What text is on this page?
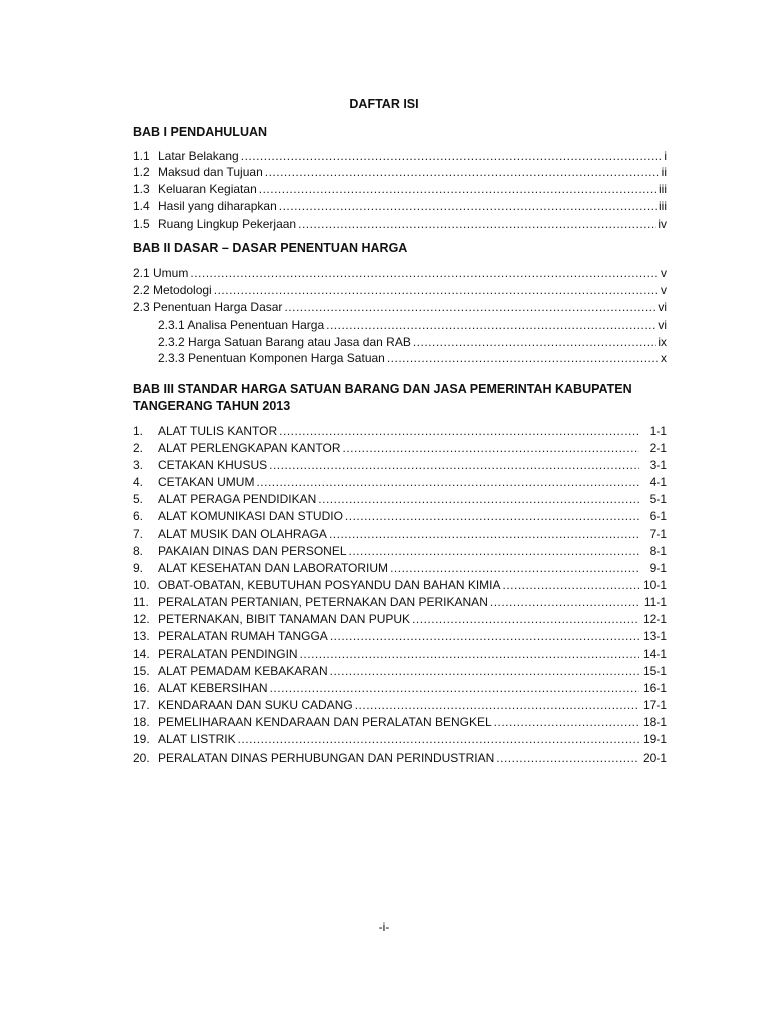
DAFTAR ISI
BAB I PENDAHULUAN
1.1 Latar Belakang .....	i
1.2 Maksud dan Tujuan .....	ii
1.3 Keluaran Kegiatan .....	iii
1.4 Hasil yang diharapkan .....	iii
1.5 Ruang Lingkup Pekerjaan .....	iv
BAB II DASAR – DASAR PENENTUAN HARGA
2.1 Umum .....	v
2.2 Metodologi .....	v
2.3 Penentuan Harga Dasar .....	vi
2.3.1 Analisa Penentuan Harga .....	vi
2.3.2 Harga Satuan Barang atau Jasa dan RAB .....	ix
2.3.3 Penentuan Komponen Harga Satuan .....	x
BAB III STANDAR HARGA SATUAN BARANG DAN JASA PEMERINTAH KABUPATEN
TANGERANG TAHUN 2013
1.	ALAT TULIS KANTOR .....	1-1
2.	ALAT PERLENGKAPAN KANTOR .....	2-1
3.	CETAKAN KHUSUS .....	3-1
4.	CETAKAN UMUM .....	4-1
5.	ALAT PERAGA PENDIDIKAN .....	5-1
6.	ALAT KOMUNIKASI DAN STUDIO .....	6-1
7.	ALAT MUSIK DAN OLAHRAGA .....	7-1
8.	PAKAIAN DINAS DAN PERSONEL .....	8-1
9.	ALAT KESEHATAN DAN LABORATORIUM .....	9-1
10. OBAT-OBATAN, KEBUTUHAN POSYANDU DAN BAHAN KIMIA .....	10-1
11. PERALATAN PERTANIAN, PETERNAKAN DAN PERIKANAN .....	11-1
12. PETERNAKAN, BIBIT TANAMAN DAN PUPUK .....	12-1
13. PERALATAN RUMAH TANGGA .....	13-1
14. PERALATAN PENDINGIN .....	14-1
15. ALAT PEMADAM KEBAKARAN .....	15-1
16. ALAT KEBERSIHAN .....	16-1
17. KENDARAAN DAN SUKU CADANG .....	17-1
18. PEMELIHARAAN KENDARAAN DAN PERALATAN BENGKEL .....	18-1
19. ALAT LISTRIK .....	19-1
20. PERALATAN DINAS PERHUBUNGAN DAN PERINDUSTRIAN .....	20-1
-i-
